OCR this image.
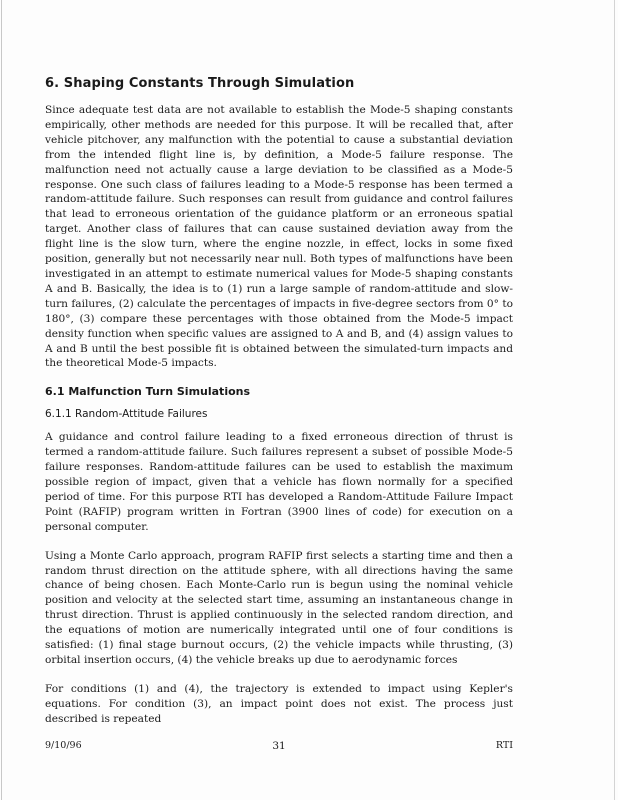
6. Shaping Constants Through Simulation

Since adequate test data are not available to establish the Mode-5 shaping constants empirically, other methods are needed for this purpose. It will be recalled that, after vehicle pitchover, any malfunction with the potential to cause a substantial deviation from the intended flight line is, by definition, a Mode-5 failure response. The malfunction need not actually cause a large deviation to be classified as a Mode-5 response. One such class of failures leading to a Mode-5 response has been termed a random-attitude failure. Such responses can result from guidance and control failures that lead to erroneous orientation of the guidance platform or an erroneous spatial target. Another class of failures that can cause sustained deviation away from the flight line is the slow turn, where the engine nozzle, in effect, locks in some fixed position, generally but not necessarily near null. Both types of malfunctions have been investigated in an attempt to estimate numerical values for Mode-5 shaping constants A and B. Basically, the idea is to (1) run a large sample of random-attitude and slow-turn failures, (2) calculate the percentages of impacts in five-degree sectors from 0° to 180°, (3) compare these percentages with those obtained from the Mode-5 impact density function when specific values are assigned to A and B, and (4) assign values to A and B until the best possible fit is obtained between the simulated-turn impacts and the theoretical Mode-5 impacts.

6.1 Malfunction Turn Simulations
6.1.1 Random-Attitude Failures

A guidance and control failure leading to a fixed erroneous direction of thrust is termed a random-attitude failure. Such failures represent a subset of possible Mode-5 failure responses. Random-attitude failures can be used to establish the maximum possible region of impact, given that a vehicle has flown normally for a specified period of time. For this purpose RTI has developed a Random-Attitude Failure Impact Point (RAFIP) program written in Fortran (3900 lines of code) for execution on a personal computer.

Using a Monte Carlo approach, program RAFIP first selects a starting time and then a random thrust direction on the attitude sphere, with all directions having the same chance of being chosen. Each Monte-Carlo run is begun using the nominal vehicle position and velocity at the selected start time, assuming an instantaneous change in thrust direction. Thrust is applied continuously in the selected random direction, and the equations of motion are numerically integrated until one of four conditions is satisfied: (1) final stage burnout occurs, (2) the vehicle impacts while thrusting, (3) orbital insertion occurs, (4) the vehicle breaks up due to aerodynamic forces

For conditions (1) and (4), the trajectory is extended to impact using Kepler's equations. For condition (3), an impact point does not exist. The process just described is repeated

9/10/96	31	RTI
